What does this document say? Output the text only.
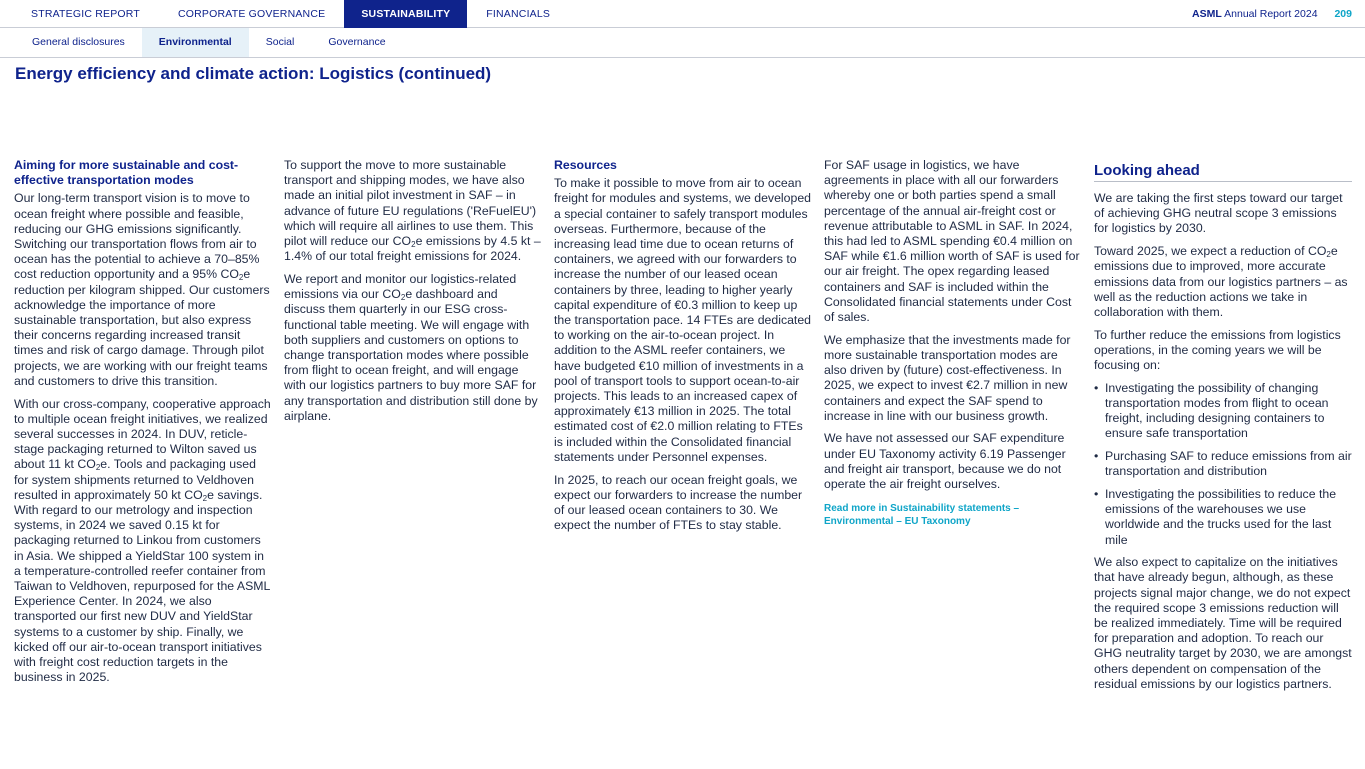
STRATEGIC REPORT	CORPORATE GOVERNANCE	SUSTAINABILITY	FINANCIALS	ASML Annual Report 2024 209
General disclosures	Environmental	Social	Governance
Energy efficiency and climate action: Logistics (continued)
Aiming for more sustainable and cost-effective transportation modes

Our long-term transport vision is to move to ocean freight where possible and feasible, reducing our GHG emissions significantly. Switching our transportation flows from air to ocean has the potential to achieve a 70–85% cost reduction opportunity and a 95% $CO_2e$ reduction per kilogram shipped. Our customers acknowledge the importance of more sustainable transportation, but also express their concerns regarding increased transit times and risk of cargo damage. Through pilot projects, we are working with our freight teams and customers to drive this transition.

With our cross-company, cooperative approach to multiple ocean freight initiatives, we realized several successes in 2024. In DUV, reticle-stage packaging returned to Wilton saved us about 11 kt $CO_2e$. Tools and packaging used for system shipments returned to Veldhoven resulted in approximately 50 kt $CO_2e$ savings. With regard to our metrology and inspection systems, in 2024 we saved 0.15 kt for packaging returned to Linkou from customers in Asia. We shipped a YieldStar 100 system in a temperature-controlled reefer container from Taiwan to Veldhoven, repurposed for the ASML Experience Center. In 2024, we also transported our first new DUV and YieldStar systems to a customer by ship. Finally, we kicked off our air-to-ocean transport initiatives with freight cost reduction targets in the business in 2025.

To support the move to more sustainable transport and shipping modes, we have also made an initial pilot investment in SAF – in advance of future EU regulations ('ReFuelEU') which will require all airlines to use them. This pilot will reduce our $CO_2e$ emissions by 4.5 kt – 1.4% of our total freight emissions for 2024.

We report and monitor our logistics-related emissions via our $CO_2e$ dashboard and discuss them quarterly in our ESG cross-functional table meeting. We will engage with both suppliers and customers on options to change transportation modes where possible from flight to ocean freight, and will engage with our logistics partners to buy more SAF for any transportation and distribution still done by airplane.

Resources

To make it possible to move from air to ocean freight for modules and systems, we developed a special container to safely transport modules overseas. Furthermore, because of the increasing lead time due to ocean returns of containers, we agreed with our forwarders to increase the number of our leased ocean containers by three, leading to higher yearly capital expenditure of €0.3 million to keep up the transportation pace. 14 FTEs are dedicated to working on the air-to-ocean project. In addition to the ASML reefer containers, we have budgeted €10 million of investments in a pool of transport tools to support ocean-to-air projects. This leads to an increased capex of approximately €13 million in 2025. The total estimated cost of €2.0 million relating to FTEs is included within the Consolidated financial statements under Personnel expenses.

In 2025, to reach our ocean freight goals, we expect our forwarders to increase the number of our leased ocean containers to 30. We expect the number of FTEs to stay stable.

For SAF usage in logistics, we have agreements in place with all our forwarders whereby one or both parties spend a small percentage of the annual air-freight cost or revenue attributable to ASML in SAF. In 2024, this had led to ASML spending €0.4 million on SAF while €1.6 million worth of SAF is used for our air freight. The opex regarding leased containers and SAF is included within the Consolidated financial statements under Cost of sales.

We emphasize that the investments made for more sustainable transportation modes are also driven by (future) cost-effectiveness. In 2025, we expect to invest €2.7 million in new containers and expect the SAF spend to increase in line with our business growth.

We have not assessed our SAF expenditure under EU Taxonomy activity 6.19 Passenger and freight air transport, because we do not operate the air freight ourselves.

Read more in Sustainability statements –
Environmental – EU Taxonomy
Looking ahead

We are taking the first steps toward our target of achieving GHG neutral scope 3 emissions for logistics by 2030.

Toward 2025, we expect a reduction of $CO_2e$ emissions due to improved, more accurate emissions data from our logistics partners – as well as the reduction actions we take in collaboration with them.

To further reduce the emissions from logistics operations, in the coming years we will be focusing on:

• Investigating the possibility of changing transportation modes from flight to ocean freight, including designing containers to ensure safe transportation
• Purchasing SAF to reduce emissions from air transportation and distribution
• Investigating the possibilities to reduce the emissions of the warehouses we use worldwide and the trucks used for the last mile

We also expect to capitalize on the initiatives that have already begun, although, as these projects signal major change, we do not expect the required scope 3 emissions reduction will be realized immediately. Time will be required for preparation and adoption. To reach our GHG neutrality target by 2030, we are amongst others dependent on compensation of the residual emissions by our logistics partners.
